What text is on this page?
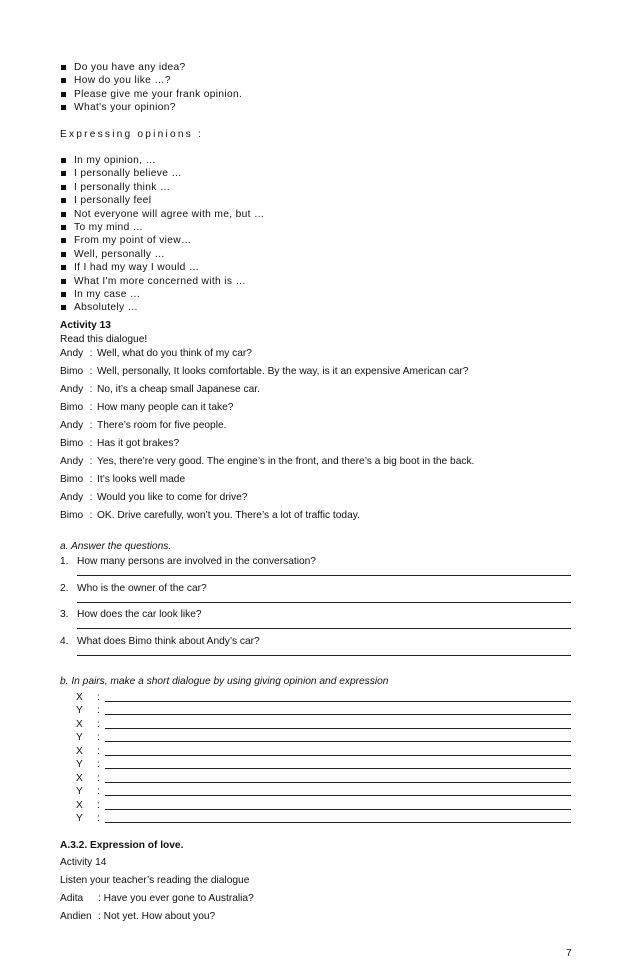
Do you have any idea?
How do you like …?
Please give me your frank opinion.
What's your opinion?
Expressing opinions :
In my opinion, …
I personally believe …
I personally think …
I personally feel
Not everyone will agree with me, but …
To my mind …
From my point of view…
Well, personally …
If I had my way I would …
What I'm more concerned with is …
In my case …
Absolutely …
Activity 13
Read this dialogue!
Andy : Well, what do you think of my car?
Bimo : Well, personally, It looks comfortable. By the way, is it an expensive American car?
Andy : No, it’s a cheap small Japanese car.
Bimo : How many people can it take?
Andy : There’s room for five people.
Bimo : Has it got brakes?
Andy : Yes, there’re very good. The engine’s in the front, and there’s a big boot in the back.
Bimo : It’s looks well made
Andy : Would you like to come for drive?
Bimo : OK. Drive carefully, won’t you. There’s a lot of traffic today.
a. Answer the questions.
1. How many persons are involved in the conversation?
2. Who is the owner of the car?
3. How does the car look like?
4. What does Bimo think about Andy’s car?
b. In pairs, make a short dialogue by using giving opinion and expression
X	:
Y	:
X	:
Y	:
X	:
Y	:
X	:
Y	:
X	:
Y	:
A.3.2. Expression of love.
Activity 14
Listen your teacher’s reading the dialogue
Adita	: Have you ever gone to Australia?
Andien : Not yet. How about you?
7
